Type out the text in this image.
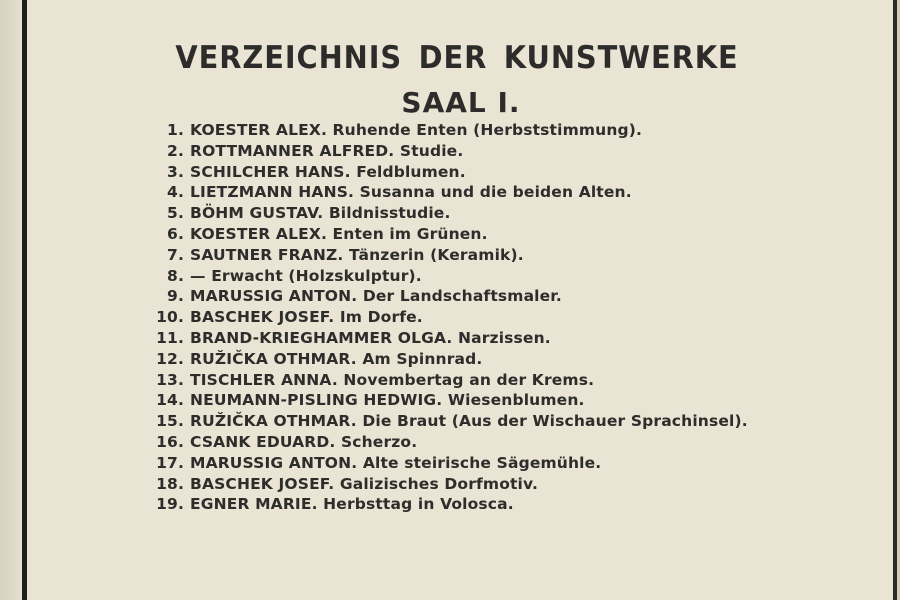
VERZEICHNIS DER KUNSTWERKE
SAAL I.
1. KOESTER ALEX. Ruhende Enten (Herbststimmung).
2. ROTTMANNER ALFRED. Studie.
3. SCHILCHER HANS. Feldblumen.
4. LIETZMANN HANS. Susanna und die beiden Alten.
5. BÖHM GUSTAV. Bildnisstudie.
6. KOESTER ALEX. Enten im Grünen.
7. SAUTNER FRANZ. Tänzerin (Keramik).
8. — Erwacht (Holzskulptur).
9. MARUSSIG ANTON. Der Landschaftsmaler.
10. BASCHEK JOSEF. Im Dorfe.
11. BRAND-KRIEGHAMMER OLGA. Narzissen.
12. RUŽIČKA OTHMAR. Am Spinnrad.
13. TISCHLER ANNA. Novembertag an der Krems.
14. NEUMANN-PISLING HEDWIG. Wiesenblumen.
15. RUŽIČKA OTHMAR. Die Braut (Aus der Wischauer Sprachinsel).
16. CSANK EDUARD. Scherzo.
17. MARUSSIG ANTON. Alte steirische Sägemühle.
18. BASCHEK JOSEF. Galizisches Dorfmotiv.
19. EGNER MARIE. Herbsttag in Volosca.
